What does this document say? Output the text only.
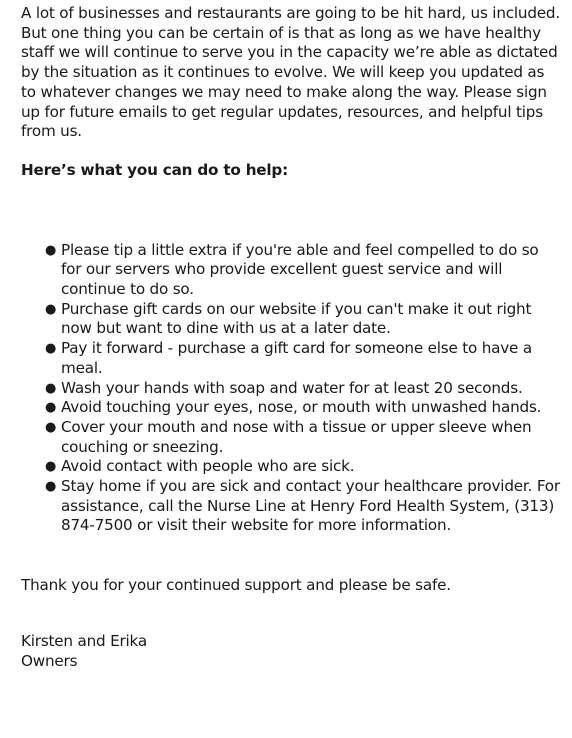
A lot of businesses and restaurants are going to be hit hard, us included. But one thing you can be certain of is that as long as we have healthy staff we will continue to serve you in the capacity we’re able as dictated by the situation as it continues to evolve. We will keep you updated as to whatever changes we may need to make along the way. Please sign up for future emails to get regular updates, resources, and helpful tips from us.

Here’s what you can do to help:

● Please tip a little extra if you're able and feel compelled to do so for our servers who provide excellent guest service and will continue to do so.
● Purchase gift cards on our website if you can't make it out right now but want to dine with us at a later date.
● Pay it forward - purchase a gift card for someone else to have a meal.
● Wash your hands with soap and water for at least 20 seconds.
● Avoid touching your eyes, nose, or mouth with unwashed hands.
● Cover your mouth and nose with a tissue or upper sleeve when couching or sneezing.
● Avoid contact with people who are sick.
● Stay home if you are sick and contact your healthcare provider. For assistance, call the Nurse Line at Henry Ford Health System, (313) 874-7500 or visit their website for more information.

Thank you for your continued support and please be safe.

Kirsten and Erika
Owners
